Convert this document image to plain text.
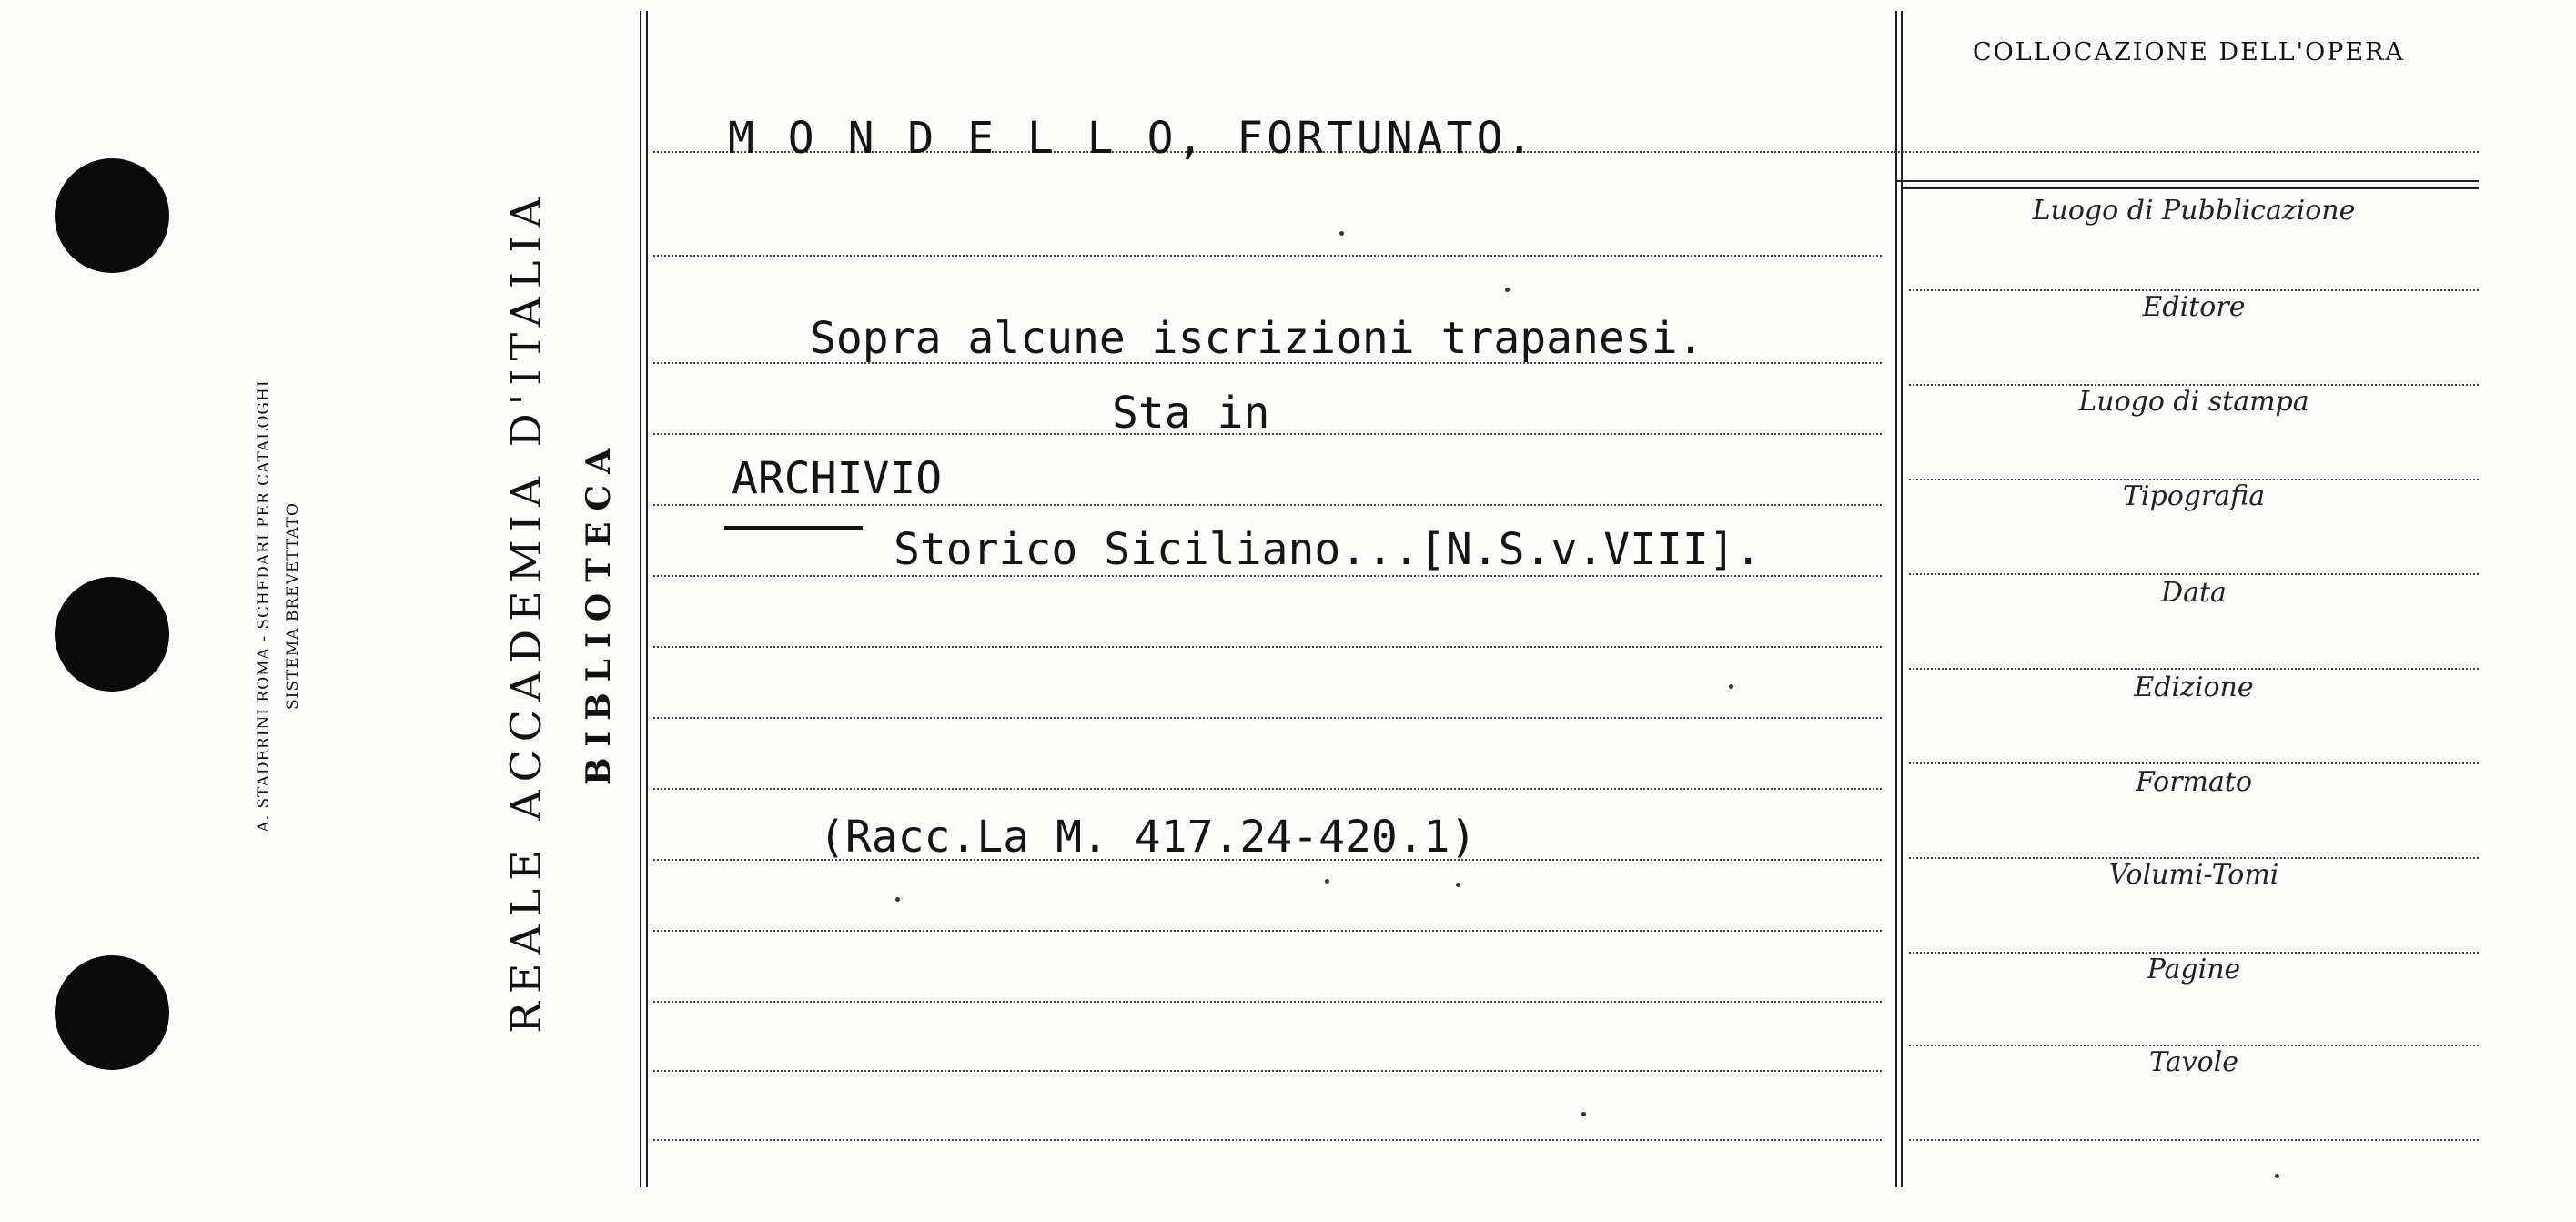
A. STADERINI ROMA - SCHEDARI PER CATALOGHI SISTEMA BREVETTATO	REALE ACCADEMIA D'ITALIA BIBLIOTECA
COLLOCAZIONE DELL'OPERA
Luogo di Pubblicazione
Editore
Luogo di stampa
Tipografia
Data
Edizione
Formato
Volumi-Tomi
Pagine
Tavole
M O N D E L L O, FORTUNATO.
Sopra alcune iscrizioni trapanesi.
Sta in
ARCHIVIO
Storico Siciliano...[N.S.v.VIII].
(Racc.La M. 417.24-420.1)
